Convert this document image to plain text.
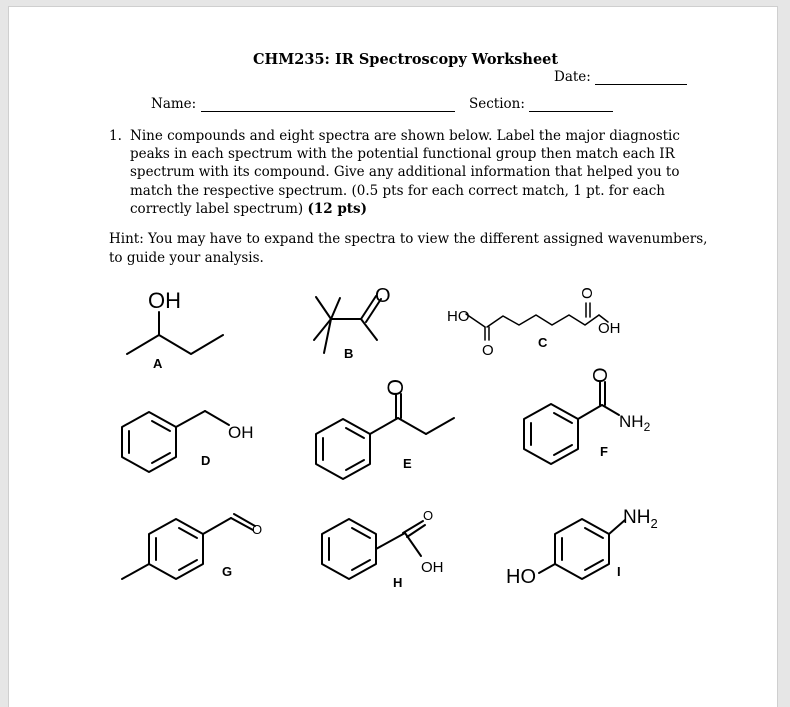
CHM235: IR Spectroscopy Worksheet
Date:
Name:	Section:
1. Nine compounds and eight spectra are shown below. Label the major diagnostic peaks in each spectrum with the potential functional group then match each IR spectrum with its compound. Give any additional information that helped you to match the respective spectrum. (0.5 pts for each correct match, 1 pt. for each correctly label spectrum) (12 pts)
Hint: You may have to expand the spectra to view the different assigned wavenumbers, to guide your analysis.
OH
A
O
B
HO
O
O
OH
C
OH
D
O
E
O
$NH_2$
F
O
G
O
OH
H
$NH_2$
HO	I
